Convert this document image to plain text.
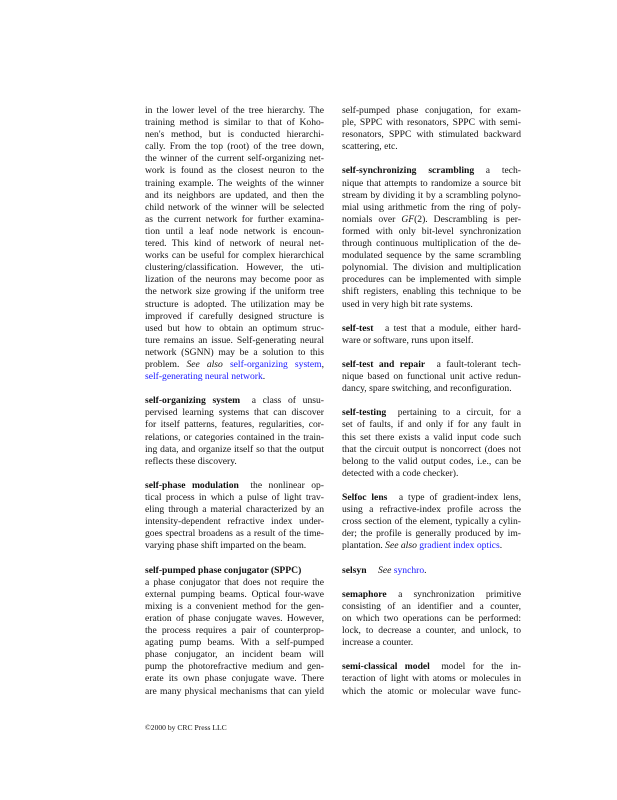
in the lower level of the tree hierarchy. The
training method is similar to that of Koho-
nen's method, but is conducted hierarchi-
cally. From the top (root) of the tree down,
the winner of the current self-organizing net-
work is found as the closest neuron to the
training example. The weights of the winner
and its neighbors are updated, and then the
child network of the winner will be selected
as the current network for further examina-
tion until a leaf node network is encoun-
tered. This kind of network of neural net-
works can be useful for complex hierarchical
clustering/classification. However, the uti-
lization of the neurons may become poor as
the network size growing if the uniform tree
structure is adopted. The utilization may be
improved if carefully designed structure is
used but how to obtain an optimum struc-
ture remains an issue. Self-generating neural
network (SGNN) may be a solution to this
problem. See also self-organizing system,
self-generating neural network.
self-organizing system a class of unsu-
pervised learning systems that can discover
for itself patterns, features, regularities, cor-
relations, or categories contained in the train-
ing data, and organize itself so that the output
reflects these discovery.
self-phase modulation the nonlinear op-
tical process in which a pulse of light trav-
eling through a material characterized by an
intensity-dependent refractive index under-
goes spectral broadens as a result of the time-
varying phase shift imparted on the beam.
self-pumped phase conjugator (SPPC)
a phase conjugator that does not require the
external pumping beams. Optical four-wave
mixing is a convenient method for the gen-
eration of phase conjugate waves. However,
the process requires a pair of counterprop-
agating pump beams. With a self-pumped
phase conjugator, an incident beam will
pump the photorefractive medium and gen-
erate its own phase conjugate wave. There
are many physical mechanisms that can yield
self-pumped phase conjugation, for exam-
ple, SPPC with resonators, SPPC with semi-
resonators, SPPC with stimulated backward
scattering, etc.
self-synchronizing scrambling a tech-
nique that attempts to randomize a source bit
stream by dividing it by a scrambling polyno-
mial using arithmetic from the ring of poly-
nomials over GF(2). Descrambling is per-
formed with only bit-level synchronization
through continuous multiplication of the de-
modulated sequence by the same scrambling
polynomial. The division and multiplication
procedures can be implemented with simple
shift registers, enabling this technique to be
used in very high bit rate systems.
self-test a test that a module, either hard-
ware or software, runs upon itself.
self-test and repair a fault-tolerant tech-
nique based on functional unit active redun-
dancy, spare switching, and reconfiguration.
self-testing pertaining to a circuit, for a
set of faults, if and only if for any fault in
this set there exists a valid input code such
that the circuit output is noncorrect (does not
belong to the valid output codes, i.e., can be
detected with a code checker).
Selfoc lens a type of gradient-index lens,
using a refractive-index profile across the
cross section of the element, typically a cylin-
der; the profile is generally produced by im-
plantation. See also gradient index optics.
selsyn See synchro.
semaphore a synchronization primitive
consisting of an identifier and a counter,
on which two operations can be performed:
lock, to decrease a counter, and unlock, to
increase a counter.
semi-classical model model for the in-
teraction of light with atoms or molecules in
which the atomic or molecular wave func-
©2000 by CRC Press LLC
